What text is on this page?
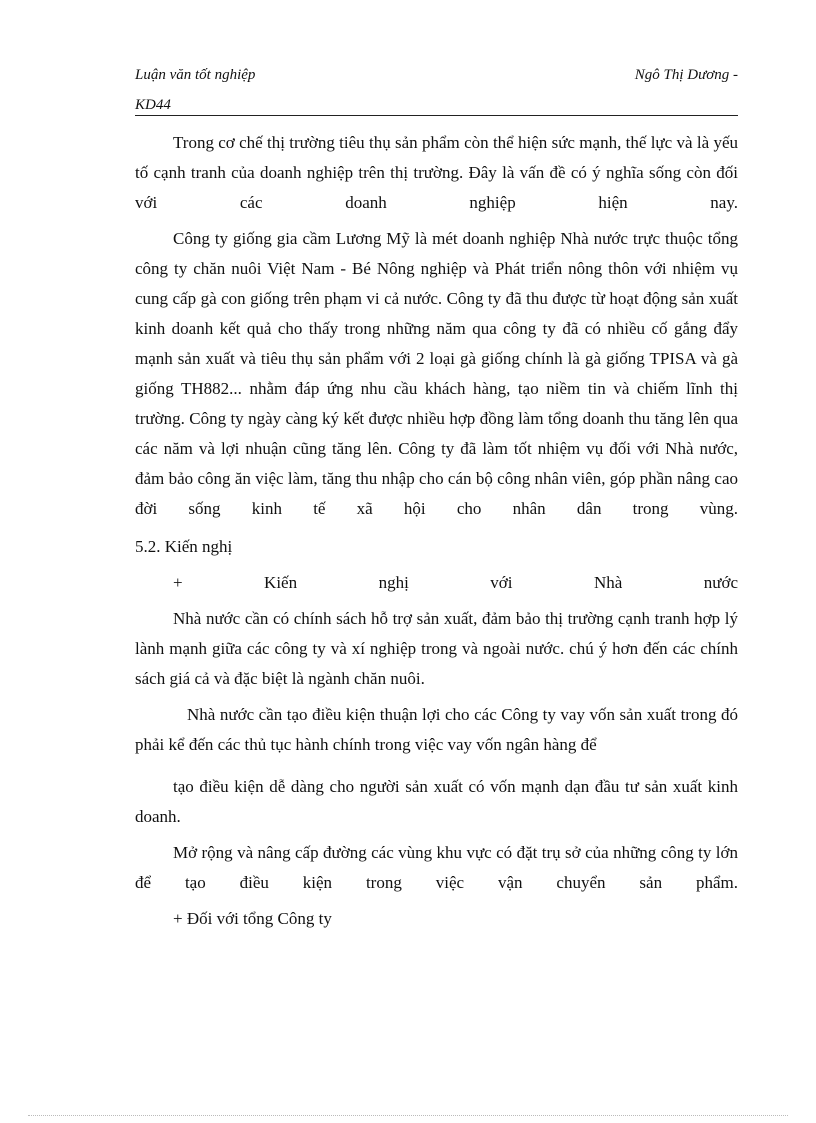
Luận văn tốt nghiệp	Ngô Thị Dương -
KD44

Trong cơ chế thị trường tiêu thụ sản phẩm còn thể hiện sức mạnh, thế lực và là yếu tố cạnh tranh của doanh nghiệp trên thị trường. Đây là vấn đề có ý nghĩa sống còn đối với các doanh nghiệp hiện nay.

Công ty giống gia cầm Lương Mỹ là mét doanh nghiệp Nhà nước trực thuộc tổng công ty chăn nuôi Việt Nam - Bé Nông nghiệp và Phát triển nông thôn với nhiệm vụ cung cấp gà con giống trên phạm vi cả nước. Công ty đã thu được từ hoạt động sản xuất kinh doanh kết quả cho thấy trong những năm qua công ty đã có nhiều cố gắng đẩy mạnh sản xuất và tiêu thụ sản phẩm với 2 loại gà giống chính là gà giống TPISA và gà giống TH882... nhằm đáp ứng nhu cầu khách hàng, tạo niềm tin và chiếm lĩnh thị trường. Công ty ngày càng ký kết được nhiều hợp đồng làm tổng doanh thu tăng lên qua các năm và lợi nhuận cũng tăng lên. Công ty đã làm tốt nhiệm vụ đối với Nhà nước, đảm bảo công ăn việc làm, tăng thu nhập cho cán bộ công nhân viên, góp phần nâng cao đời sống kinh tế xã hội cho nhân dân trong vùng.

5.2. Kiến nghị

+ Kiến nghị với Nhà nước

Nhà nước cần có chính sách hỗ trợ sản xuất, đảm bảo thị trường cạnh tranh hợp lý lành mạnh giữa các công ty và xí nghiệp trong và ngoài nước. chú ý hơn đến các chính sách giá cả và đặc biệt là ngành chăn nuôi.

Nhà nước cần tạo điều kiện thuận lợi cho các Công ty vay vốn sản xuất trong đó phải kể đến các thủ tục hành chính trong việc vay vốn ngân hàng để

tạo điều kiện dễ dàng cho người sản xuất có vốn mạnh dạn đầu tư sản xuất kinh doanh.

Mở rộng và nâng cấp đường các vùng khu vực có đặt trụ sở của những công ty lớn để tạo điều kiện trong việc vận chuyển sản phẩm.

+ Đối với tổng Công ty
